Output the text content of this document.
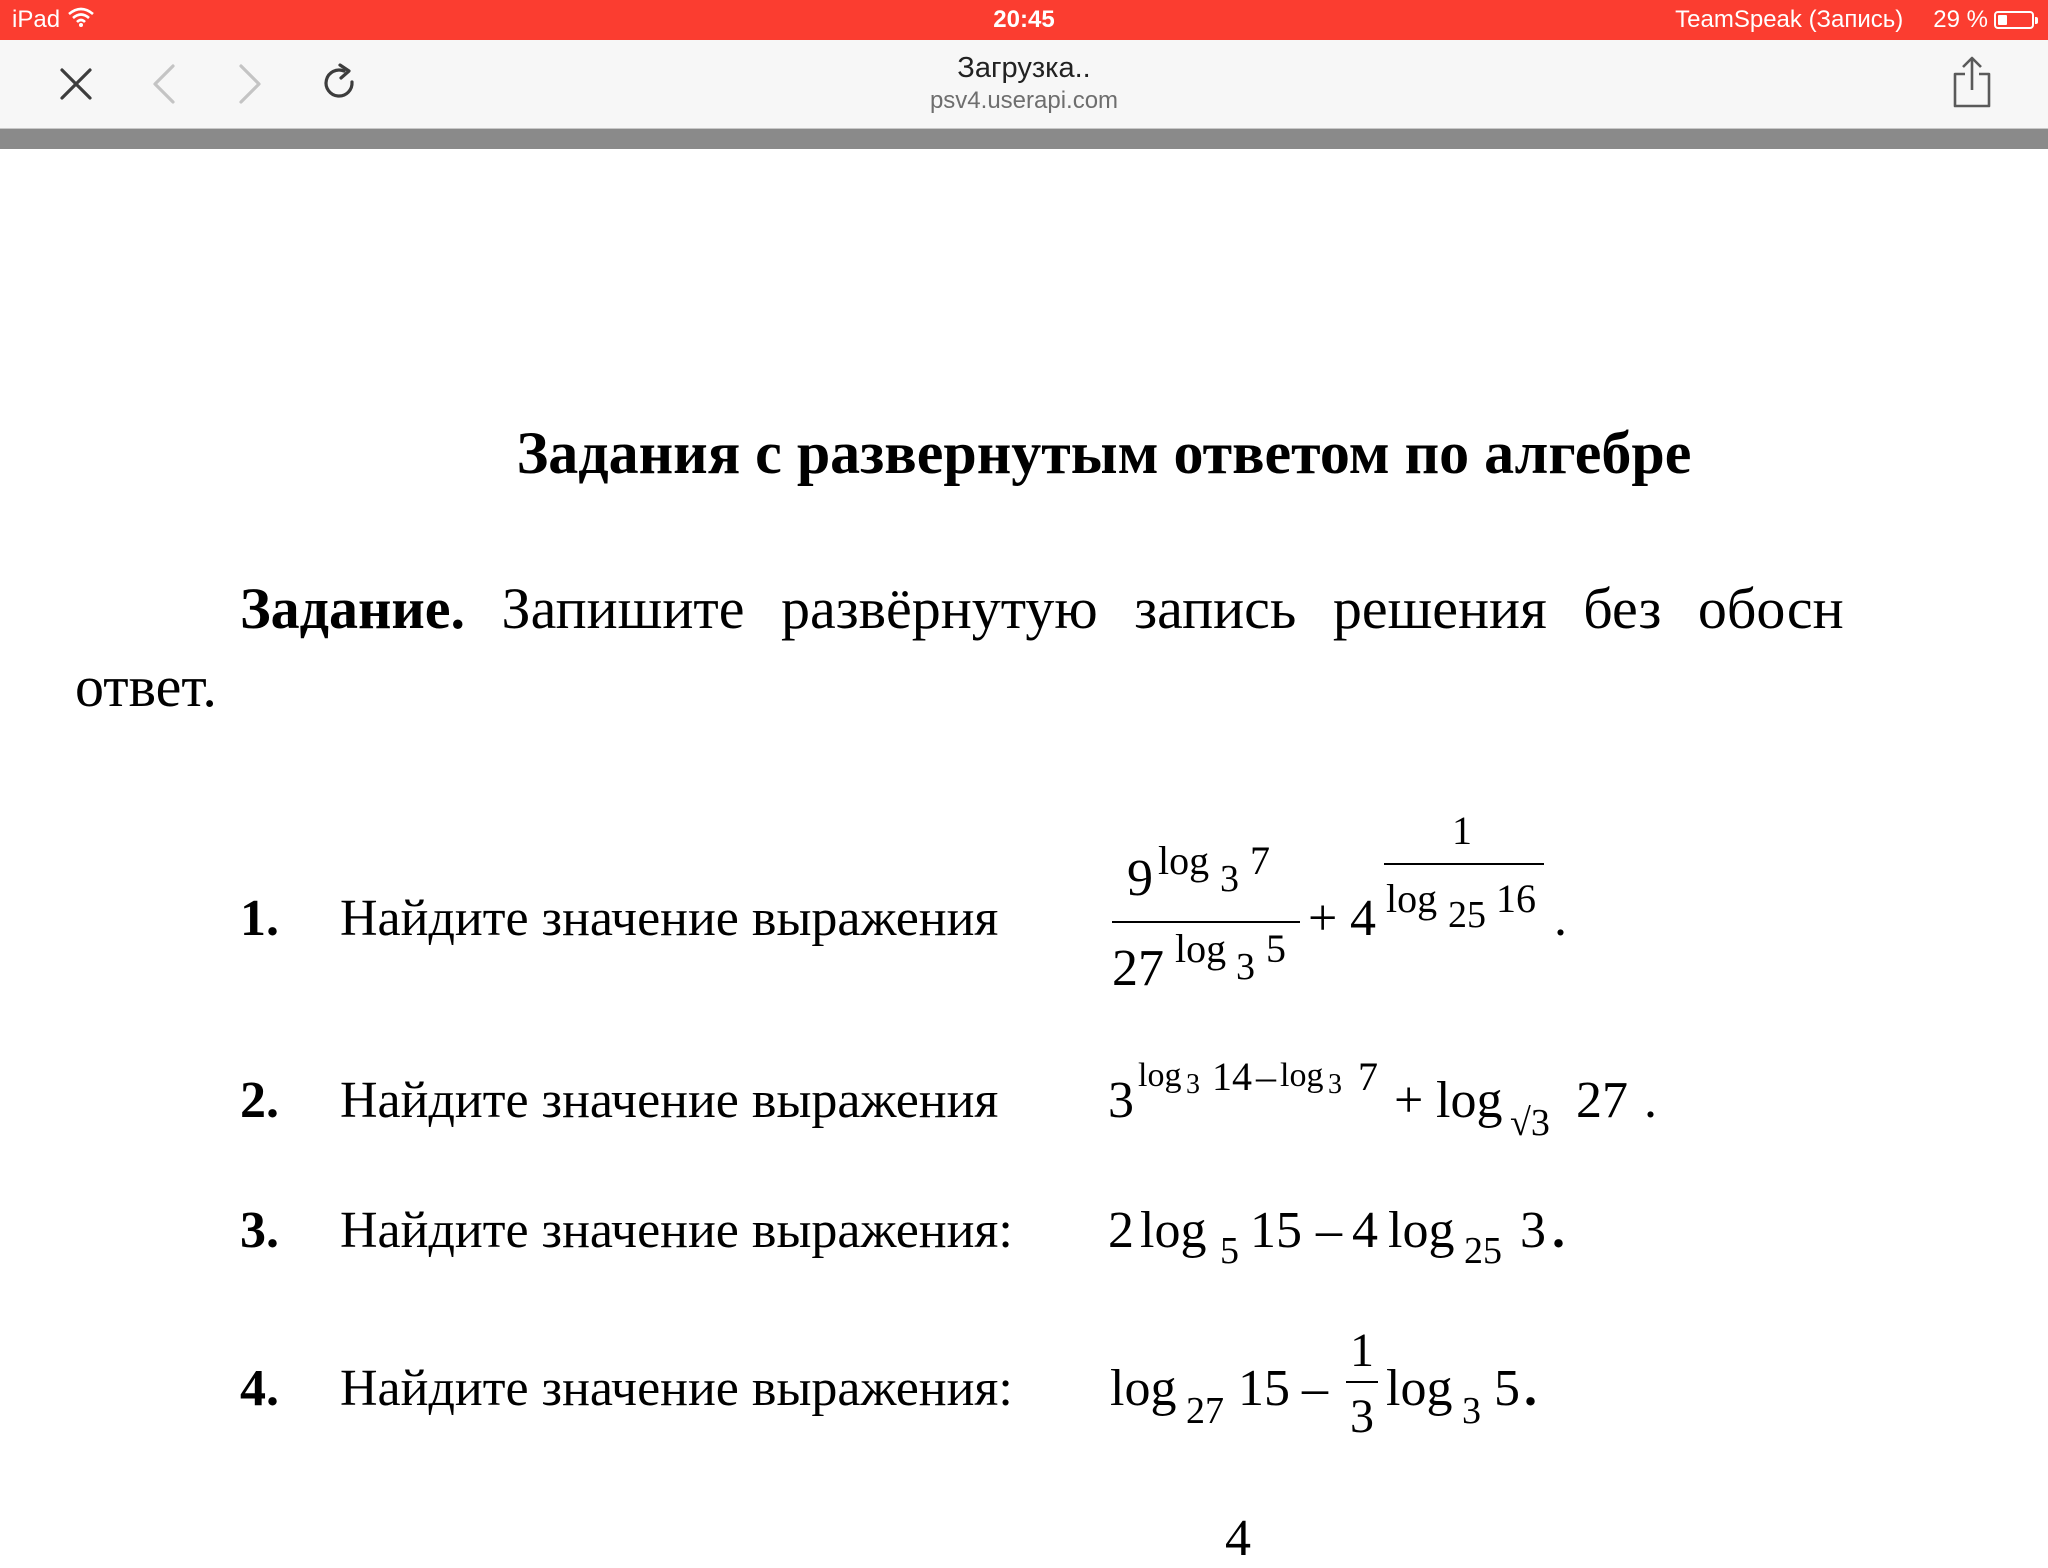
iPad	20:45	TeamSpeak (Запись) 29 %
Загрузка..
psv4.userapi.com
Задания с развернутым ответом по алгебре
Задание. Запишите развёрнутую запись решения без обосн
ответ.
1. Найдите значение выражения
9 log 3 7
27 log 3 5
+ 4
1
log 25 16 .
3 log 3 14 – log 3 7 + log √3 27 .
2 log 5 15 – 4 log 25 3 .
log 27 15 –
1
3 log 3 5 .
2. Найдите значение выражения
3. Найдите значение выражения:
4. Найдите значение выражения:
4
